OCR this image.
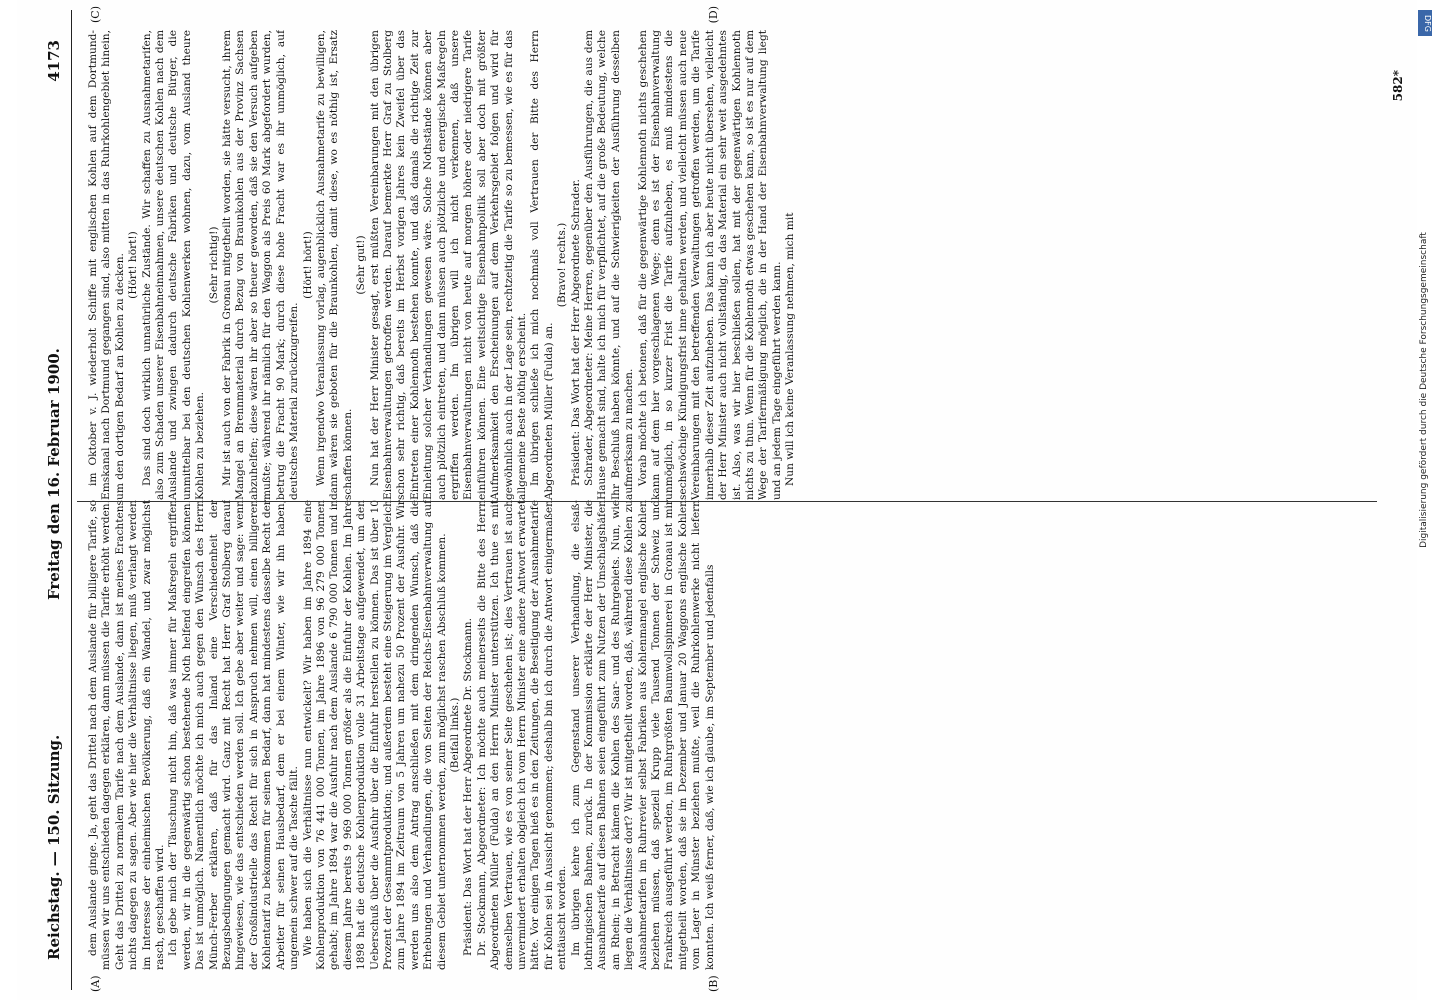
Reichstag. — 150. Sitzung.
Freitag den 16. Februar 1900.
4173
(A)	(B)
(C)	(D)

dem Auslande ginge. Ja, geht das Drittel nach dem Auslande für billigere Tarife, so müssen wir uns entschieden dagegen erklären, dann müssen die Tarife erhöht werden. Geht das Drittel zu normalem Tarife nach dem Auslande, dann ist meines Erachtens nichts dagegen zu sagen. Aber wie hier die Verhältnisse liegen, muß verlangt werden im Interesse der einheimischen Bevölkerung, daß ein Wandel, und zwar möglichst rasch, geschaffen wird. Ich gebe mich der Täuschung nicht hin, daß was immer für Maßregeln ergriffen werden, wir in die gegenwärtig schon bestehende Noth helfend eingreifen können. Das ist unmöglich. Namentlich möchte ich mich auch gegen den Wunsch des Herrn Münch-Ferber erklären, daß für das Inland eine Verschiedenheit der Bezugsbedingungen gemacht wird. Ganz mit Recht hat Herr Graf Stolberg darauf hingewiesen, wie das entschieden werden soll. Ich gebe aber weiter und sage: wenn der Großindustrielle das Recht für sich in Anspruch nehmen will, einen billigeren Kohlentarif zu bekommen für seinen Bedarf, dann hat mindestens dasselbe Recht der Arbeiter für seinen Hausbedarf, dem er bei einem Winter, wie wir ihn haben, ungemein schwer auf die Tasche fällt. Wie haben sich die Verhältnisse nun entwickelt? Wir haben im Jahre 1894 eine Kohlenproduktion von 76 441 000 Tonnen, im Jahre 1896 von 96 279 000 Tonnen gehabt; im Jahre 1894 war die Ausfuhr nach dem Auslande 6 790 000 Tonnen und in diesem Jahre bereits 9 969 000 Tonnen größer als die Einfuhr der Kohlen. Im Jahre 1898 hat die deutsche Kohlenproduktion volle 31 Arbeitstage aufgewendet, um den Ueberschuß über die Ausfuhr über die Einfuhr herstellen zu können. Das ist über 10 Prozent der Gesammtproduktion; und außerdem besteht eine Steigerung im Vergleich zum Jahre 1894 im Zeitraum von 5 Jahren um nahezu 50 Prozent der Ausfuhr. Wir werden uns also dem Antrag anschließen mit dem dringenden Wunsch, daß die Erhebungen und Verhandlungen, die von Seiten der Reichs-Eisenbahnverwaltung auf diesem Gebiet unternommen werden, zum möglichst raschen Abschluß kommen. (Beifall links.) Präsident: Das Wort hat der Herr Abgeordnete Dr. Stockmann. Dr. Stockmann, Abgeordneter: Ich möchte auch meinerseits die Bitte des Herrn Abgeordneten Müller (Fulda) an den Herrn Minister unterstützen. Ich thue es mit demselben Vertrauen, wie es von seiner Seite geschehen ist; dies Vertrauen ist auch unvermindert erhalten obgleich ich vom Herrn Minister eine andere Antwort erwartet hätte. Vor einigen Tagen hieß es in den Zeitungen, die Beseitigung der Ausnahmetarife für Kohlen sei in Aussicht genommen; deshalb bin ich durch die Antwort einigermaßen enttäuscht worden. Im übrigen kehre ich zum Gegenstand unserer Verhandlung, die elsaß-lothringischen Bahnen, zurück. In der Kommission erklärte der Herr Minister, die Ausnahmetarife auf diesen Bahnen seien eingeführt zum Nutzen der Umschlagshäfen am Rhein; in Betracht kämen die Kohlen des Saar- und des Ruhrgebiets. Nun, wie liegen die Verhältnisse dort? Wir ist mitgetheilt worden, daß, während diese Kohlen zu Ausnahmetarifen im Ruhrrevier selbst Fabriken aus Kohlenmangel englische Kohlen beziehen müssen, daß speziell Krupp viele Tausend Tonnen der Schweiz und Frankreich ausgeführt werden, im Ruhrgrößten Baumwollspinnerei in Gronau ist mir mitgetheilt worden, daß sie im Dezember und Januar 20 Waggons englische Kohlen vom Lager in Münster beziehen mußte, weil die Ruhrkohlenwerke nicht liefern konnten. Ich weiß ferner, daß, wie ich glaube, im September und jedenfalls

im Oktober v. J. wiederholt Schiffe mit englischen Kohlen auf dem Dortmund-Emskanal nach Dortmund gegangen sind, also mitten in das Ruhrkohlengebiet hinein, um den dortigen Bedarf an Kohlen zu decken. (Hört! hört!) Das sind doch wirklich unnatürliche Zustände. Wir schaffen zu Ausnahmetarifen, also zum Schaden unserer Eisenbahneinnahmen, unsere deutschen Kohlen nach dem Auslande und zwingen dadurch deutsche Fabriken und deutsche Bürger, die unmittelbar bei den deutschen Kohlenwerken wohnen, dazu, vom Ausland theure Kohlen zu beziehen.

(Sehr richtig!) Mir ist auch von der Fabrik in Gronau mitgetheilt worden, sie hätte versucht, ihrem Mangel an Brennmaterial durch Bezug von Braunkohlen aus der Provinz Sachsen abzuhelfen; diese wären ihr aber so theuer geworden, daß sie den Versuch aufgeben mußte; während ihr nämlich für den Waggon als Preis 60 Mark abgefordert wurden, betrug die Fracht 90 Mark; durch diese hohe Fracht war es ihr unmöglich, auf deutsches Material zurückzugreifen.

(Hört! hört!) Wenn irgendwo Veranlassung vorlag, augenblicklich Ausnahmetarife zu bewilligen, dann wären sie geboten für die Braunkohlen, damit diese, wo es nöthig ist, Ersatz schaffen können.

(Sehr gut!) Nun hat der Herr Minister gesagt, erst müßten Vereinbarungen mit den übrigen Eisenbahnverwaltungen getroffen werden. Darauf bemerkte Herr Graf zu Stolberg schon sehr richtig, daß bereits im Herbst vorigen Jahres kein Zweifel über das Eintreten einer Kohlennoth bestehen konnte, und daß damals die richtige Zeit zur Einleitung solcher Verhandlungen gewesen wäre. Solche Nothstände können aber auch plötzlich eintreten, und dann müssen auch plötzliche und energische Maßregeln ergriffen werden. Im übrigen will ich nicht verkennen, daß unsere Eisenbahnverwaltungen nicht von heute auf morgen höhere oder niedrigere Tarife einführen können. Eine weitsichtige Eisenbahnpolitik soll aber doch mit größter Aufmerksamkeit den Erscheinungen auf dem Verkehrsgebiet folgen und wird für gewöhnlich auch in der Lage sein, rechtzeitig die Tarife so zu bemessen, wie es für das allgemeine Beste nöthig erscheint. Im übrigen schließe ich mich nochmals voll Vertrauen der Bitte des Herrn Abgeordneten Müller (Fulda) an.

(Bravo! rechts.) Präsident: Das Wort hat der Herr Abgeordnete Schrader. Schrader, Abgeordneter: Meine Herren, gegenüber den Ausführungen, die aus dem Hause gemacht sind, halte ich mich für verpflichtet, auf die große Bedeutung, welche Ihr Beschluß haben könnte, und auf die Schwierigkeiten der Ausführung desselben aufmerksam zu machen. Vorab möchte ich betonen, daß für die gegenwärtige Kohlennoth nichts geschehen kann auf dem hier vorgeschlagenen Wege; denn es ist der Eisenbahnverwaltung unmöglich, in so kurzer Frist die Tarife aufzuheben, es muß mindestens die sechswöchige Kündigungsfrist inne gehalten werden, und vielleicht müssen auch neue Vereinbarungen mit den betreffenden Verwaltungen getroffen werden, um die Tarife innerhalb dieser Zeit aufzuheben. Das kann ich aber heute nicht übersehen, vielleicht der Herr Minister auch nicht vollständig, da das Material ein sehr weit ausgedehntes ist. Also, was wir hier beschließen sollen, hat mit der gegenwärtigen Kohlennoth nichts zu thun. Wenn für die Kohlennoth etwas geschehen kann, so ist es nur auf dem Wege der Tarifermäßigung möglich, die in der Hand der Eisenbahnverwaltung liegt und an jedem Tage eingeführt werden kann. Nun will ich keine Veranlassung nehmen, mich mit

582*
DFG
Digitalisierung gefördert durch die Deutsche Forschungsgemeinschaft
